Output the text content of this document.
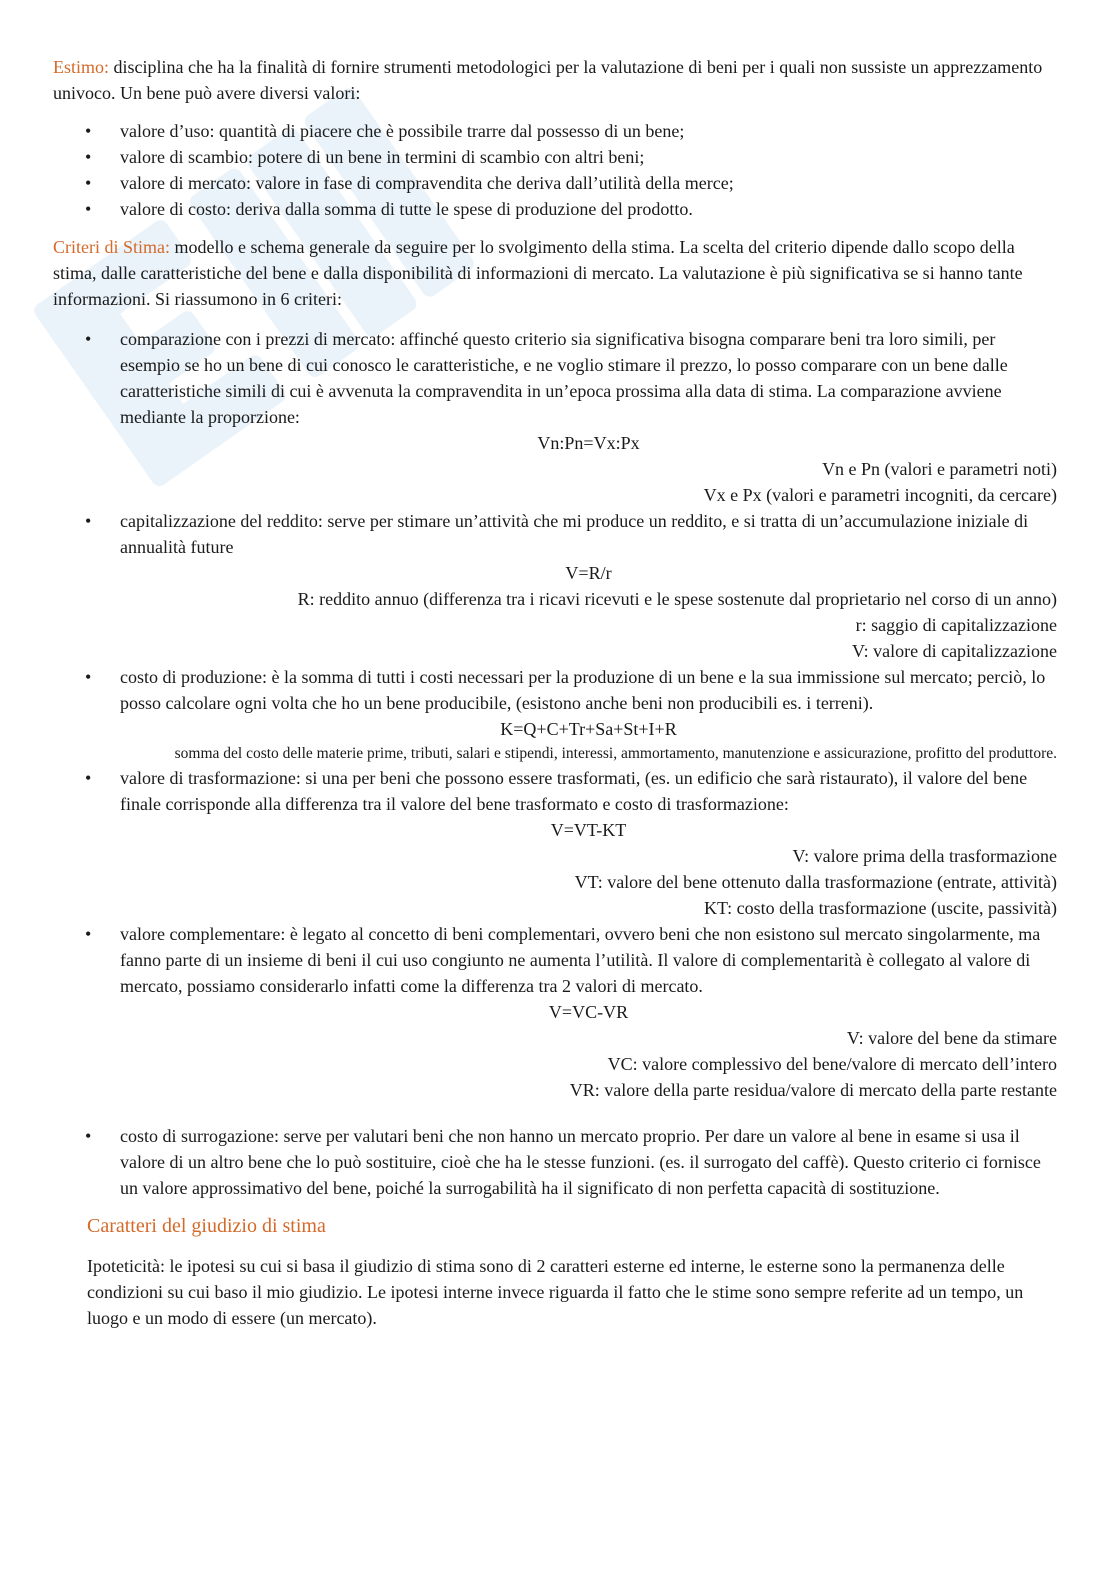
Estimo: disciplina che ha la finalità di fornire strumenti metodologici per la valutazione di beni per i quali non sussiste un apprezzamento univoco. Un bene può avere diversi valori:

• valore d’uso: quantità di piacere che è possibile trarre dal possesso di un bene;
• valore di scambio: potere di un bene in termini di scambio con altri beni;
• valore di mercato: valore in fase di compravendita che deriva dall’utilità della merce;
• valore di costo: deriva dalla somma di tutte le spese di produzione del prodotto.

Criteri di Stima: modello e schema generale da seguire per lo svolgimento della stima. La scelta del criterio dipende dallo scopo della stima, dalle caratteristiche del bene e dalla disponibilità di informazioni di mercato. La valutazione è più significativa se si hanno tante informazioni. Si riassumono in 6 criteri:

• comparazione con i prezzi di mercato: affinché questo criterio sia significativa bisogna comparare beni tra loro simili, per esempio se ho un bene di cui conosco le caratteristiche, e ne voglio stimare il prezzo, lo posso comparare con un bene dalle caratteristiche simili di cui è avvenuta la compravendita in un’epoca prossima alla data di stima. La comparazione avviene mediante la proporzione:
Vn:Pn=Vx:Px
Vn e Pn (valori e parametri noti)
Vx e Px (valori e parametri incogniti, da cercare)
• capitalizzazione del reddito: serve per stimare un’attività che mi produce un reddito, e si tratta di un’accumulazione iniziale di annualità future
V=R/r
R: reddito annuo (differenza tra i ricavi ricevuti e le spese sostenute dal proprietario nel corso di un anno)
r: saggio di capitalizzazione
V: valore di capitalizzazione
• costo di produzione: è la somma di tutti i costi necessari per la produzione di un bene e la sua immissione sul mercato; perciò, lo posso calcolare ogni volta che ho un bene producibile, (esistono anche beni non producibili es. i terreni).
K=Q+C+Tr+Sa+St+I+R
somma del costo delle materie prime, tributi, salari e stipendi, interessi, ammortamento, manutenzione e assicurazione, profitto del produttore.
• valore di trasformazione: si una per beni che possono essere trasformati, (es. un edificio che sarà ristaurato), il valore del bene finale corrisponde alla differenza tra il valore del bene trasformato e costo di trasformazione:
V=VT-KT
V: valore prima della trasformazione
VT: valore del bene ottenuto dalla trasformazione (entrate, attività)
KT: costo della trasformazione (uscite, passività)
• valore complementare: è legato al concetto di beni complementari, ovvero beni che non esistono sul mercato singolarmente, ma fanno parte di un insieme di beni il cui uso congiunto ne aumenta l’utilità. Il valore di complementarità è collegato al valore di mercato, possiamo considerarlo infatti come la differenza tra 2 valori di mercato.
V=VC-VR
V: valore del bene da stimare
VC: valore complessivo del bene/valore di mercato dell’intero
VR: valore della parte residua/valore di mercato della parte restante
• costo di surrogazione: serve per valutari beni che non hanno un mercato proprio. Per dare un valore al bene in esame si usa il valore di un altro bene che lo può sostituire, cioè che ha le stesse funzioni. (es. il surrogato del caffè). Questo criterio ci fornisce un valore approssimativo del bene, poiché la surrogabilità ha il significato di non perfetta capacità di sostituzione.
Caratteri del giudizio di stima

Ipoteticità: le ipotesi su cui si basa il giudizio di stima sono di 2 caratteri esterne ed interne, le esterne sono la permanenza delle condizioni su cui baso il mio giudizio. Le ipotesi interne invece riguarda il fatto che le stime sono sempre referite ad un tempo, un luogo e un modo di essere (un mercato).
